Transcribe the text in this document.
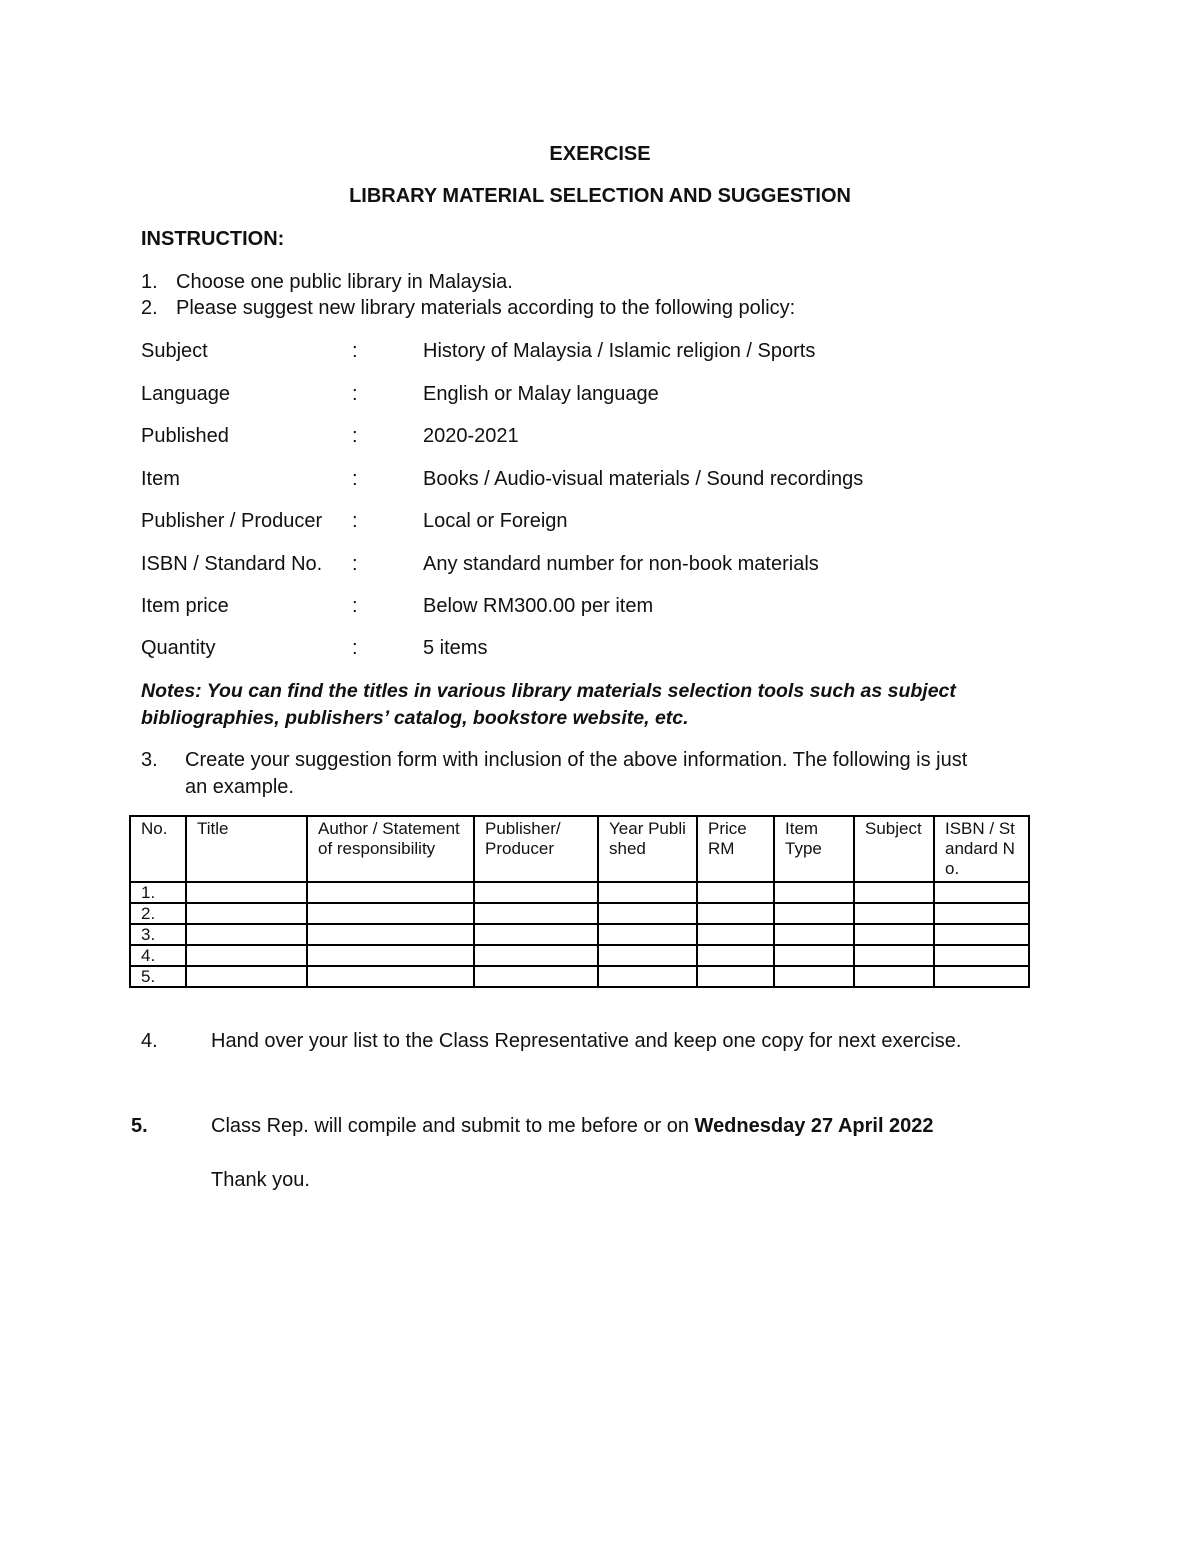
EXERCISE
LIBRARY MATERIAL SELECTION AND SUGGESTION
INSTRUCTION:
1. Choose one public library in Malaysia.
2. Please suggest new library materials according to the following policy:
Subject	:	History of Malaysia / Islamic religion / Sports
Language	:	English or Malay language
Published	:	2020-2021
Item	:	Books / Audio-visual materials / Sound recordings
Publisher / Producer :	Local or Foreign
ISBN / Standard No. :	Any standard number for non-book materials
Item price	:	Below RM300.00 per item
Quantity	:	5 items
Notes: You can find the titles in various library materials selection tools such as subject
bibliographies, publishers’ catalog, bookstore website, etc.
3. Create your suggestion form with inclusion of the above information. The following is just
an example.
No.	Title	Author / Statement of responsibility	Publisher/ Producer	Year Published	Price RM	Item Type	Subject	ISBN / Standard No.
1.								
2.								
3.								
4.								
5.								
4.	Hand over your list to the Class Representative and keep one copy for next exercise.
5.	Class Rep. will compile and submit to me before or on Wednesday 27 April 2022
Thank you.
